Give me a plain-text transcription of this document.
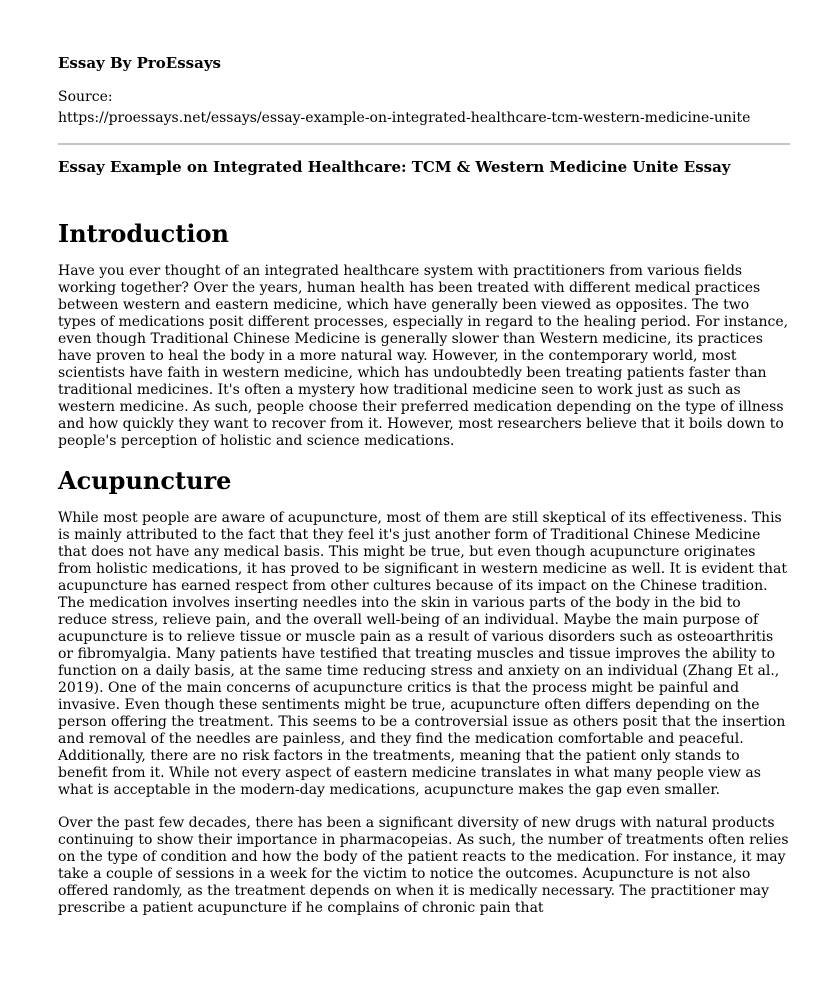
Essay By ProEssays

Source:
https://proessays.net/essays/essay-example-on-integrated-healthcare-tcm-western-medicine-unite

Essay Example on Integrated Healthcare: TCM & Western Medicine Unite Essay

Introduction

Have you ever thought of an integrated healthcare system with practitioners from various fields working together? Over the years, human health has been treated with different medical practices between western and eastern medicine, which have generally been viewed as opposites. The two types of medications posit different processes, especially in regard to the healing period. For instance, even though Traditional Chinese Medicine is generally slower than Western medicine, its practices have proven to heal the body in a more natural way. However, in the contemporary world, most scientists have faith in western medicine, which has undoubtedly been treating patients faster than traditional medicines. It's often a mystery how traditional medicine seen to work just as such as western medicine. As such, people choose their preferred medication depending on the type of illness and how quickly they want to recover from it. However, most researchers believe that it boils down to people's perception of holistic and science medications.

Acupuncture

While most people are aware of acupuncture, most of them are still skeptical of its effectiveness. This is mainly attributed to the fact that they feel it's just another form of Traditional Chinese Medicine that does not have any medical basis. This might be true, but even though acupuncture originates from holistic medications, it has proved to be significant in western medicine as well. It is evident that acupuncture has earned respect from other cultures because of its impact on the Chinese tradition. The medication involves inserting needles into the skin in various parts of the body in the bid to reduce stress, relieve pain, and the overall well-being of an individual. Maybe the main purpose of acupuncture is to relieve tissue or muscle pain as a result of various disorders such as osteoarthritis or fibromyalgia. Many patients have testified that treating muscles and tissue improves the ability to function on a daily basis, at the same time reducing stress and anxiety on an individual (Zhang Et al., 2019). One of the main concerns of acupuncture critics is that the process might be painful and invasive. Even though these sentiments might be true, acupuncture often differs depending on the person offering the treatment. This seems to be a controversial issue as others posit that the insertion and removal of the needles are painless, and they find the medication comfortable and peaceful. Additionally, there are no risk factors in the treatments, meaning that the patient only stands to benefit from it. While not every aspect of eastern medicine translates in what many people view as what is acceptable in the modern-day medications, acupuncture makes the gap even smaller.

Over the past few decades, there has been a significant diversity of new drugs with natural products continuing to show their importance in pharmacopeias. As such, the number of treatments often relies on the type of condition and how the body of the patient reacts to the medication. For instance, it may take a couple of sessions in a week for the victim to notice the outcomes. Acupuncture is not also offered randomly, as the treatment depends on when it is medically necessary. The practitioner may prescribe a patient acupuncture if he complains of chronic pain that
